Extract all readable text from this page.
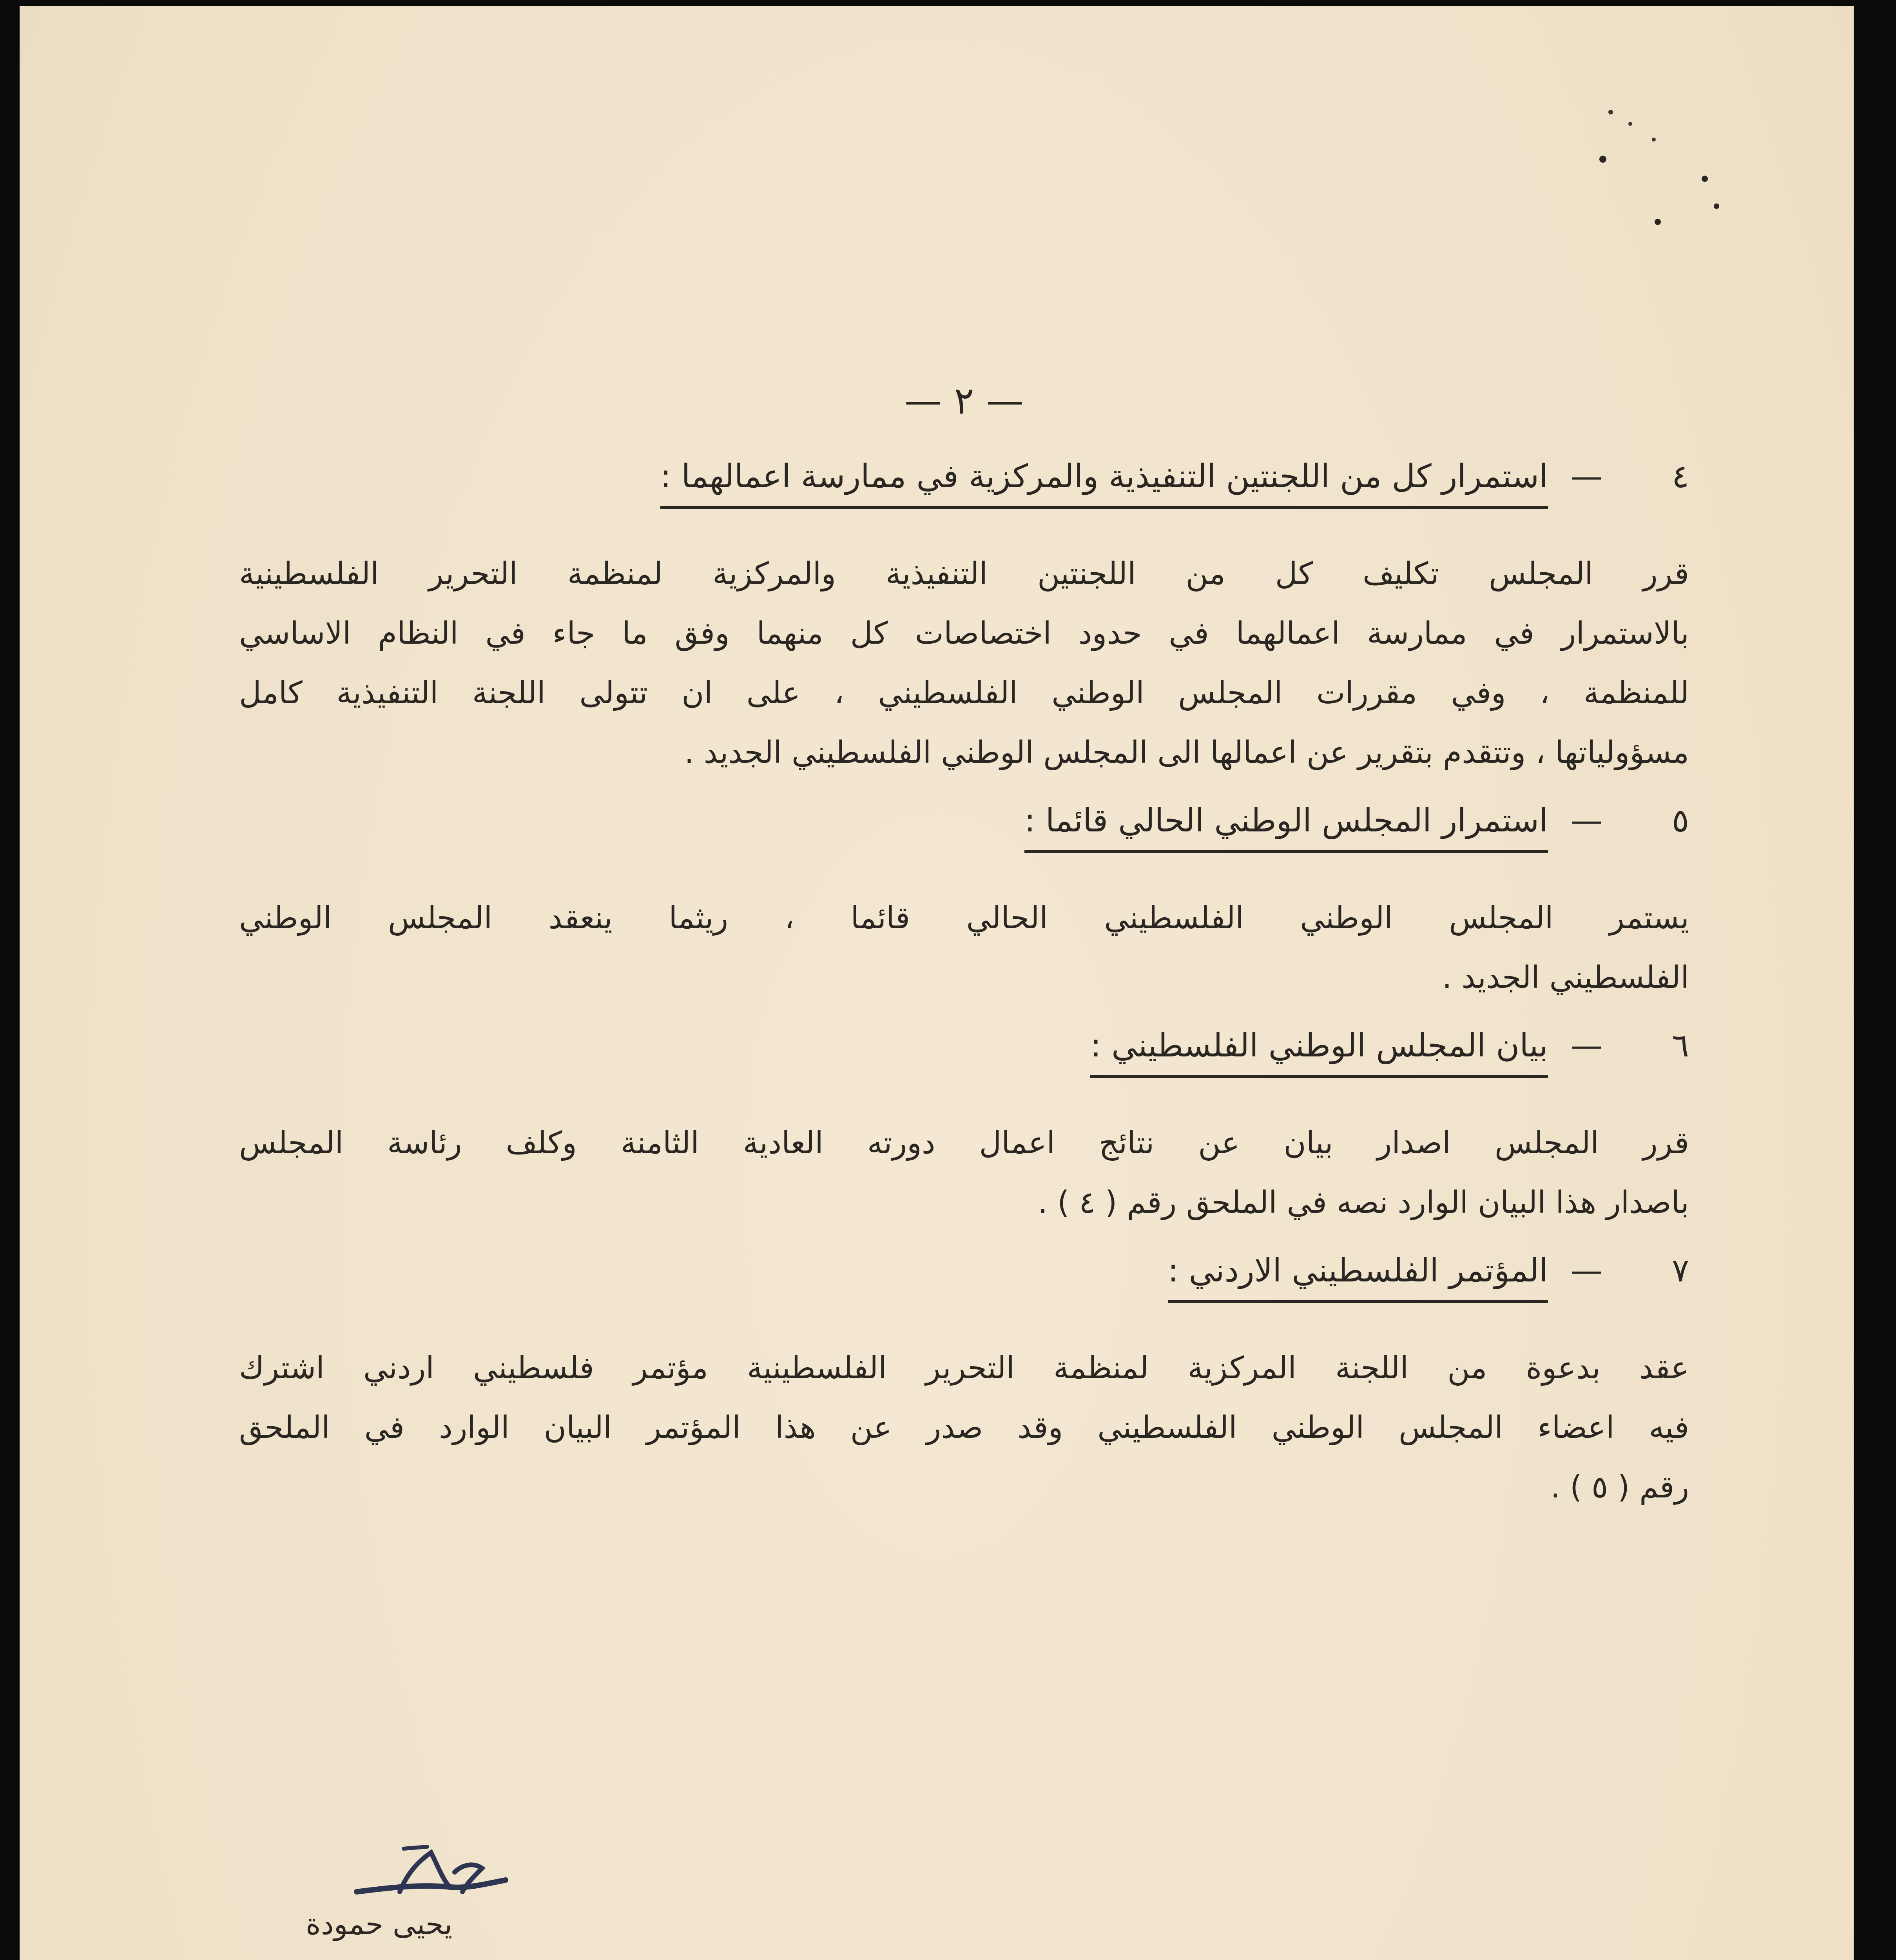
— ٢ —
٤—استمرار كل من اللجنتين التنفيذية والمركزية في ممارسة اعمالهما :
قرر المجلس تكليف كل من اللجنتين التنفيذية والمركزية لمنظمة التحرير الفلسطينية
بالاستمرار في ممارسة اعمالهما في حدود اختصاصات كل منهما وفق ما جاء في النظام الاساسي
للمنظمة ، وفي مقررات المجلس الوطني الفلسطيني ، على ان تتولى اللجنة التنفيذية كامل
مسؤولياتها ، وتتقدم بتقرير عن اعمالها الى المجلس الوطني الفلسطيني الجديد .
٥—استمرار المجلس الوطني الحالي قائما :
يستمر المجلس الوطني الفلسطيني الحالي قائما ، ريثما ينعقد المجلس الوطني
الفلسطيني الجديد .
٦—بيان المجلس الوطني الفلسطيني :
قرر المجلس اصدار بيان عن نتائج اعمال دورته العادية الثامنة وكلف رئاسة المجلس
باصدار هذا البيان الوارد نصه في الملحق رقم ( ٤ ) .
٧—المؤتمر الفلسطيني الاردني :
عقد بدعوة من اللجنة المركزية لمنظمة التحرير الفلسطينية مؤتمر فلسطيني اردني اشترك
فيه اعضاء المجلس الوطني الفلسطيني وقد صدر عن هذا المؤتمر البيان الوارد في الملحق
رقم ( ٥ ) .
يحيى حمودة
